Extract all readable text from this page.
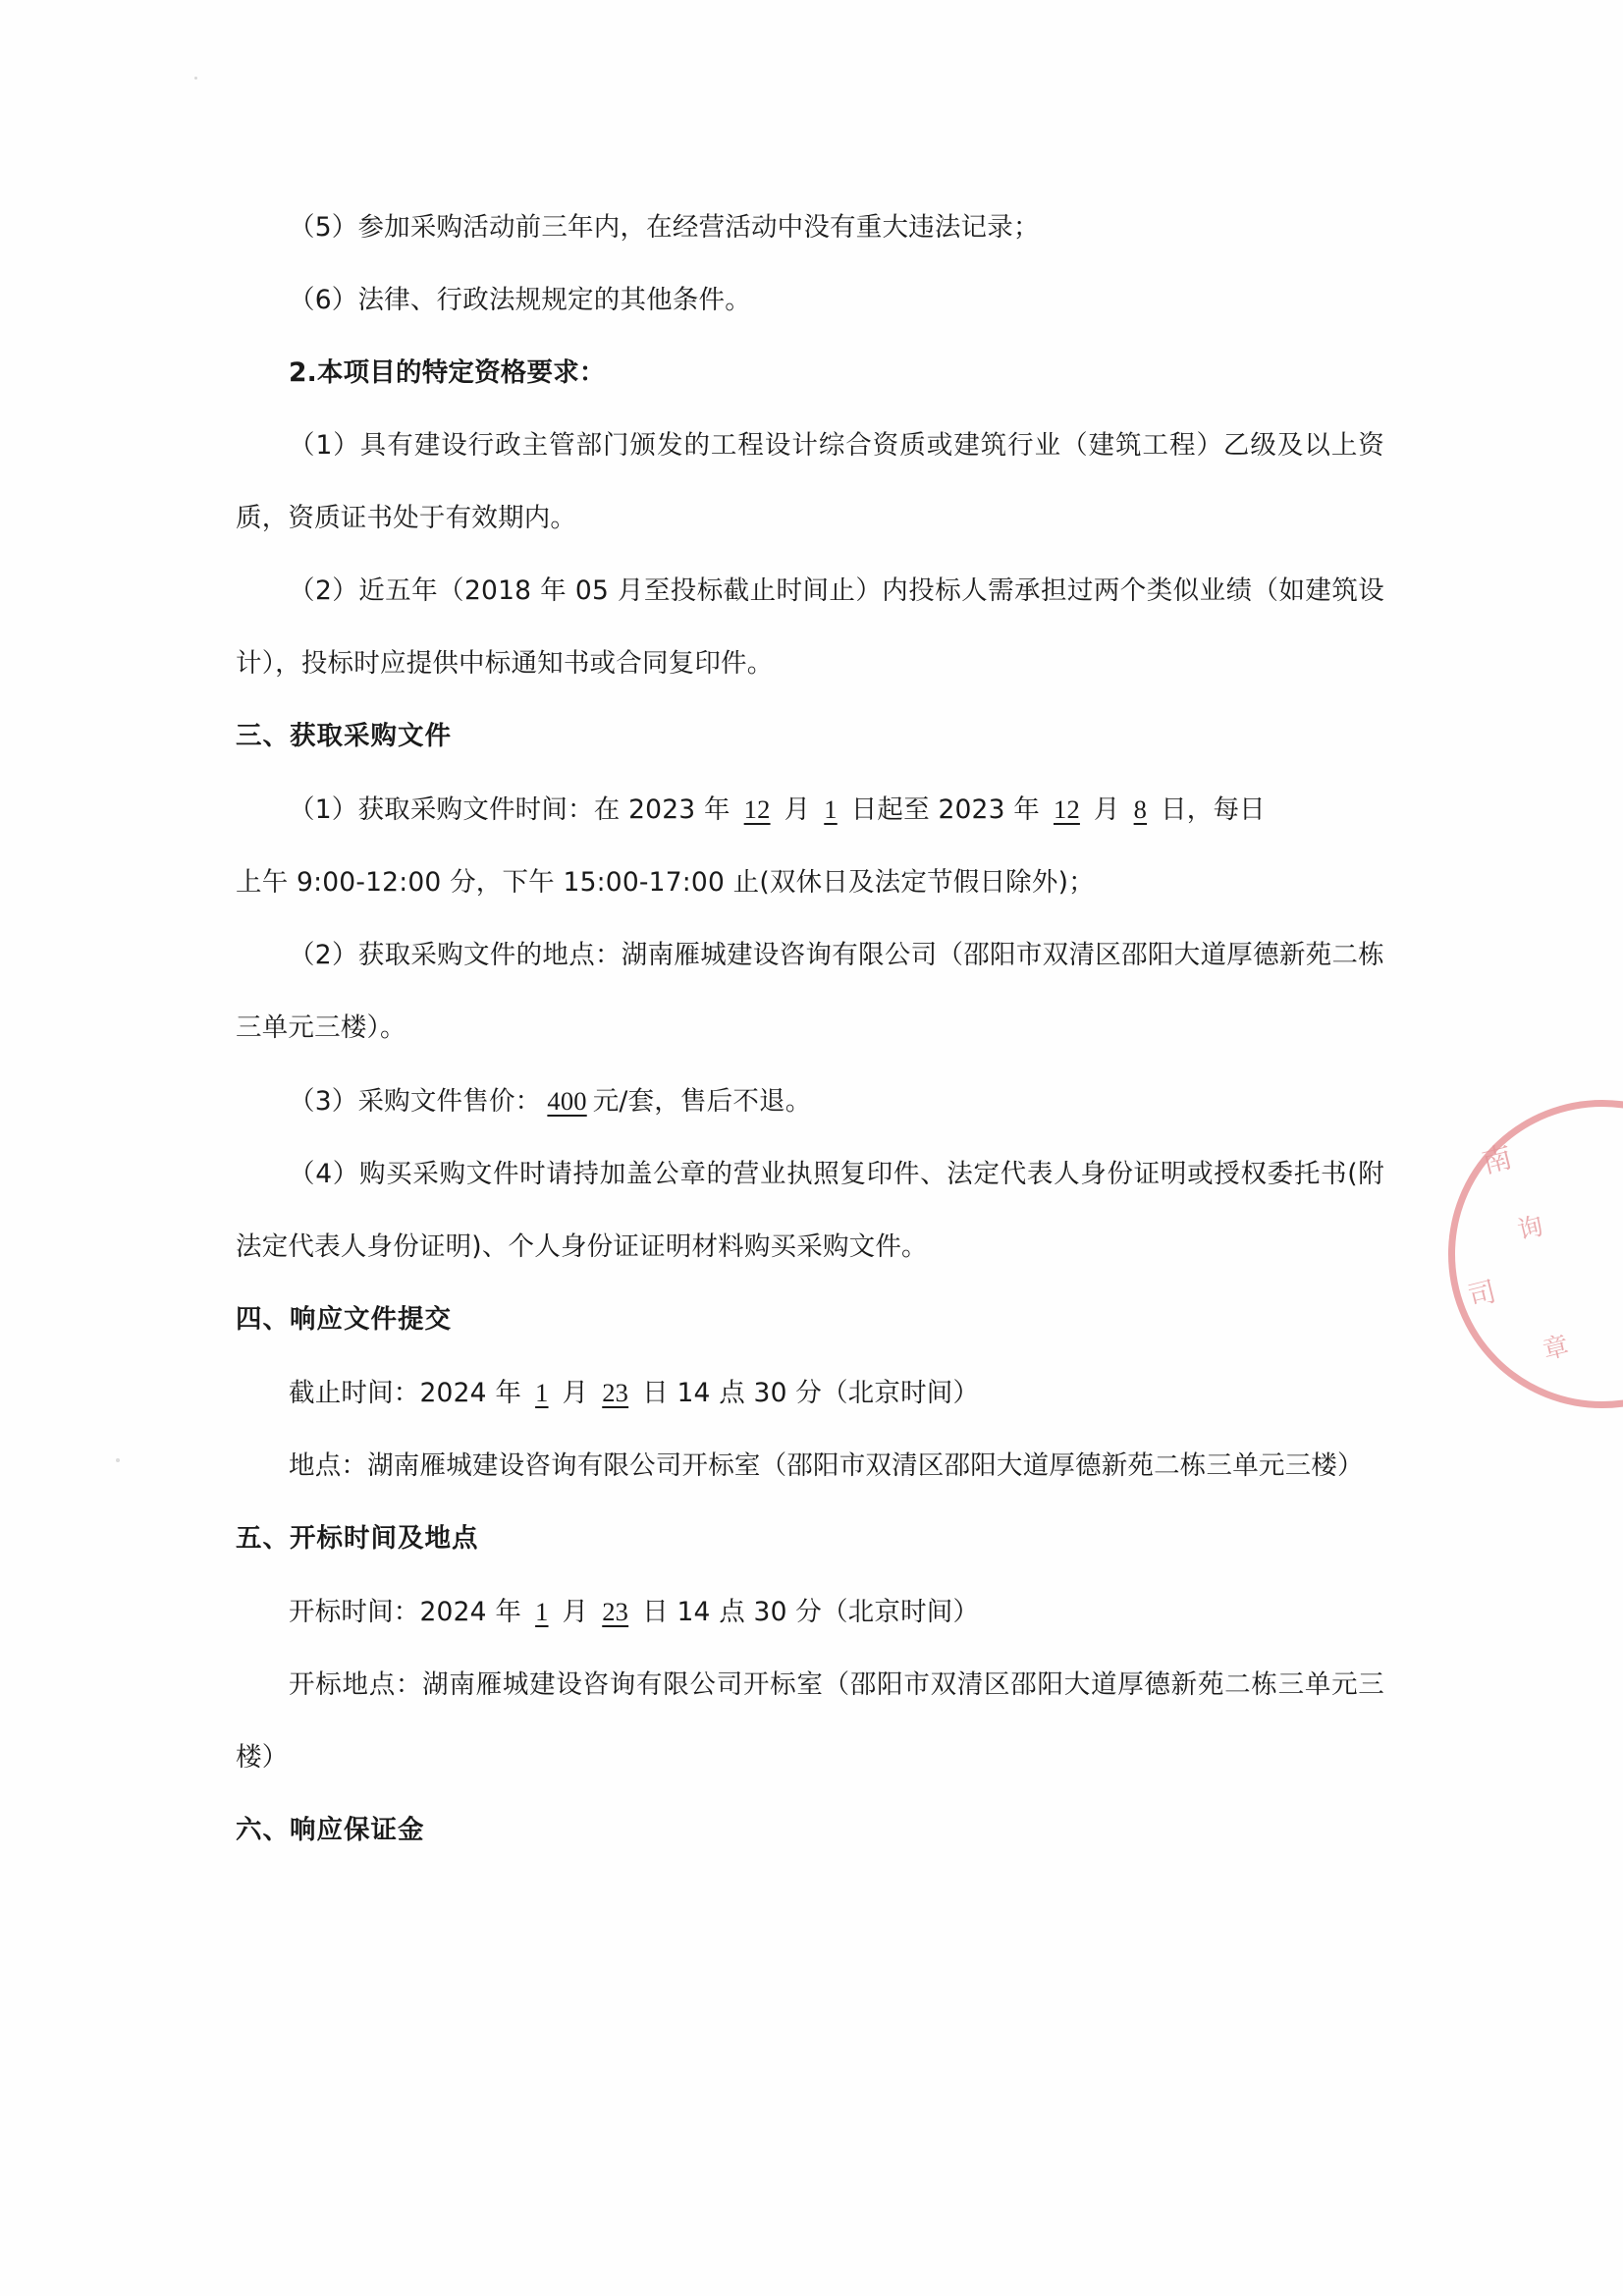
（5）参加采购活动前三年内，在经营活动中没有重大违法记录；

（6）法律、行政法规规定的其他条件。

2.本项目的特定资格要求：

（1）具有建设行政主管部门颁发的工程设计综合资质或建筑行业（建筑工程）乙级及以上资质，资质证书处于有效期内。

（2）近五年（2018 年 05 月至投标截止时间止）内投标人需承担过两个类似业绩（如建筑设计），投标时应提供中标通知书或合同复印件。

三、获取采购文件

（1）获取采购文件时间：在 2023 年 12 月 1 日起至 2023 年 12 月 8 日，每日
上午 9:00-12:00 分，下午 15:00-17:00 止(双休日及法定节假日除外)；

（2）获取采购文件的地点：湖南雁城建设咨询有限公司（邵阳市双清区邵阳大道厚德新苑二栋三单元三楼）。

（3）采购文件售价： 400 元/套，售后不退。

（4）购买采购文件时请持加盖公章的营业执照复印件、法定代表人身份证明或授权委托书(附法定代表人身份证明)、个人身份证证明材料购买采购文件。

四、响应文件提交

截止时间：2024 年 1 月 23 日 14 点 30 分（北京时间）

地点：湖南雁城建设咨询有限公司开标室（邵阳市双清区邵阳大道厚德新苑二栋三单元三楼）

五、开标时间及地点

开标时间：2024 年 1 月 23 日 14 点 30 分（北京时间）

开标地点：湖南雁城建设咨询有限公司开标室（邵阳市双清区邵阳大道厚德新苑二栋三单元三楼）

六、响应保证金

南
询
司
章
